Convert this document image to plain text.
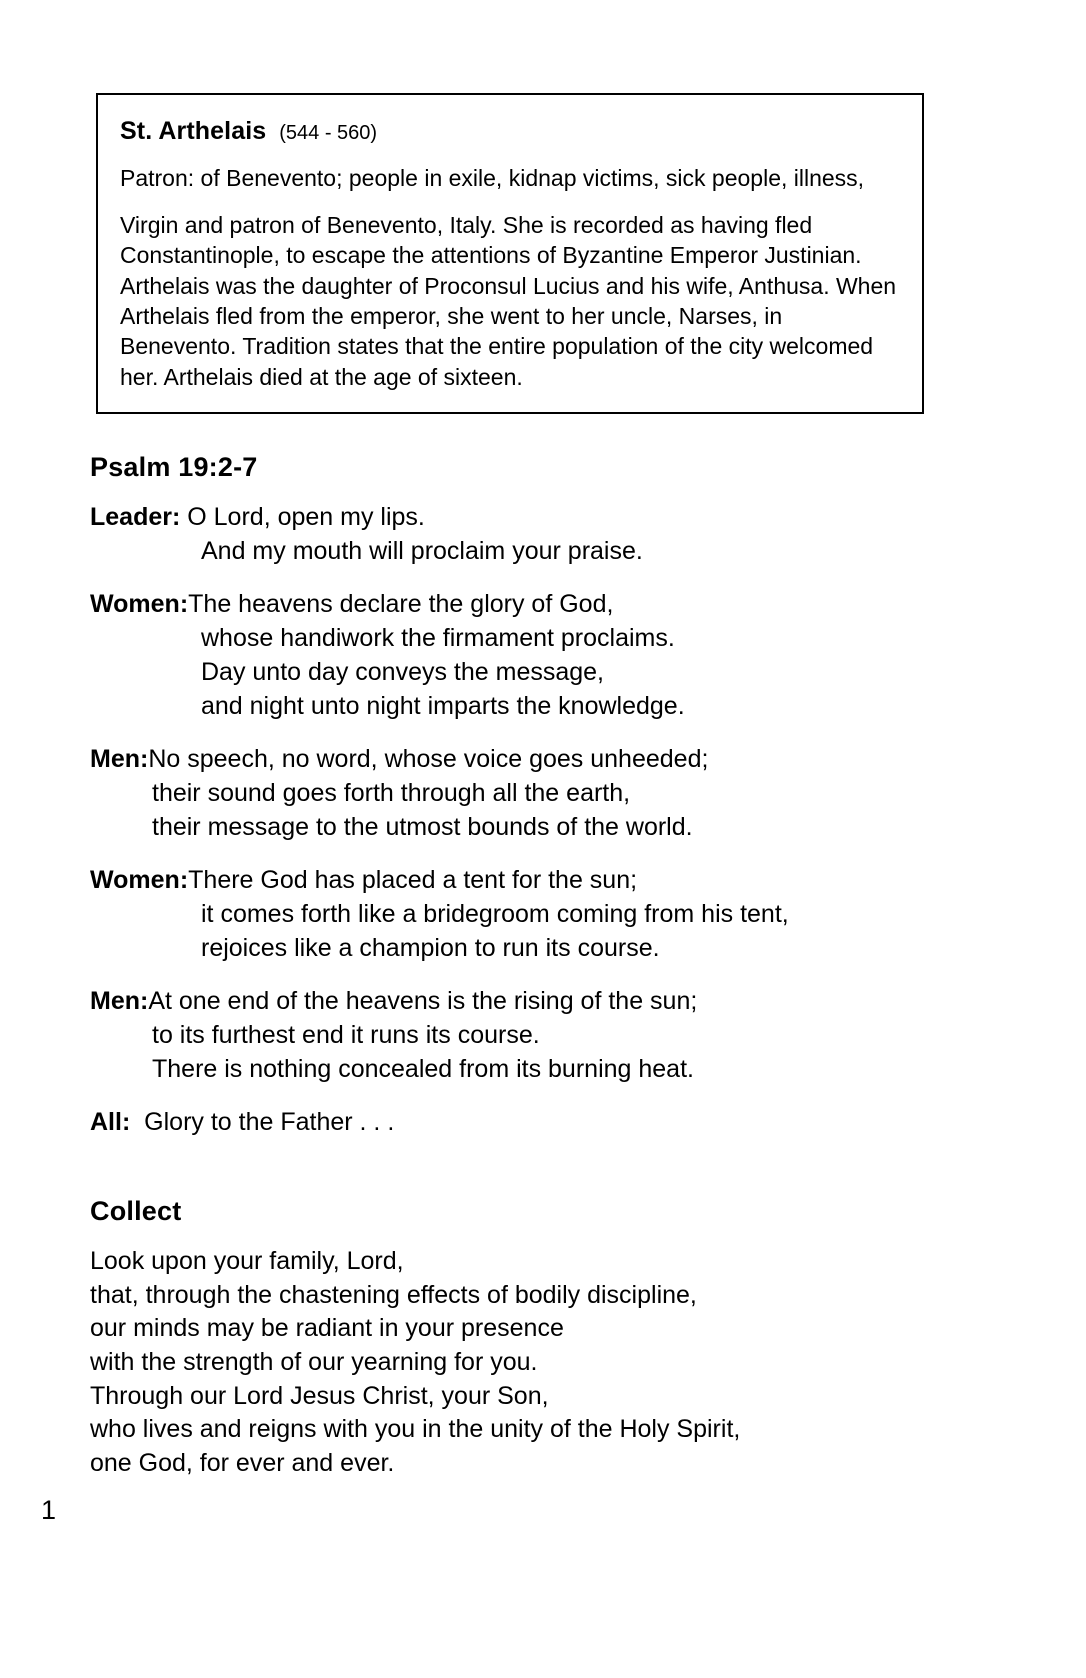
St. Arthelais (544 - 560)
Patron: of Benevento; people in exile, kidnap victims, sick people, illness,
Virgin and patron of Benevento, Italy. She is recorded as having fled Constantinople, to escape the attentions of Byzantine Emperor Justinian. Arthelais was the daughter of Proconsul Lucius and his wife, Anthusa. When Arthelais fled from the emperor, she went to her uncle, Narses, in Benevento. Tradition states that the entire population of the city welcomed her. Arthelais died at the age of sixteen.
Psalm 19:2-7
Leader: O Lord, open my lips.
And my mouth will proclaim your praise.
Women: The heavens declare the glory of God,
whose handiwork the firmament proclaims.
Day unto day conveys the message,
and night unto night imparts the knowledge.
Men: No speech, no word, whose voice goes unheeded;
their sound goes forth through all the earth,
their message to the utmost bounds of the world.
Women: There God has placed a tent for the sun;
it comes forth like a bridegroom coming from his tent,
rejoices like a champion to run its course.
Men: At one end of the heavens is the rising of the sun;
to its furthest end it runs its course.
There is nothing concealed from its burning heat.
All: Glory to the Father . . .
Collect
Look upon your family, Lord,
that, through the chastening effects of bodily discipline,
our minds may be radiant in your presence
with the strength of our yearning for you.
Through our Lord Jesus Christ, your Son,
who lives and reigns with you in the unity of the Holy Spirit,
one God, for ever and ever.
1
